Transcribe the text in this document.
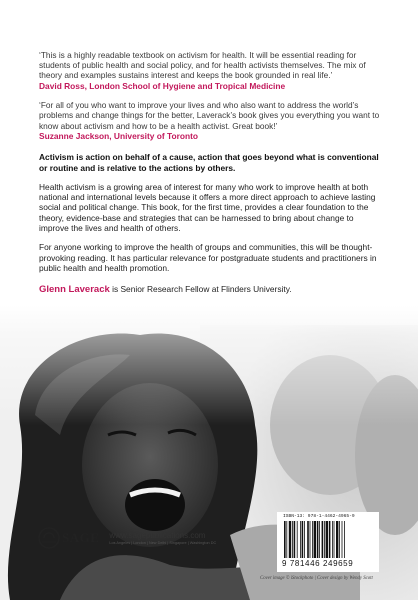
‘This is a highly readable textbook on activism for health. It will be essential reading for students of public health and social policy, and for health activists themselves. The mix of theory and examples sustains interest and keeps the book grounded in real life.’

David Ross, London School of Hygiene and Tropical Medicine

‘For all of you who want to improve your lives and who also want to address the world’s problems and change things for the better, Laverack’s book gives you everything you want to know about activism and how to be a health activist. Great book!’

Suzanne Jackson, University of Toronto

Activism is action on behalf of a cause, action that goes beyond what is conventional or routine and is relative to the actions by others.

Health activism is a growing area of interest for many who work to improve health at both national and international levels because it offers a more direct approach to achieve lasting social and political change. This book, for the first time, provides a clear foundation to the theory, evidence-base and strategies that can be harnessed to bring about change to improve the lives and health of others.

For anyone working to improve the health of groups and communities, this will be thought-provoking reading. It has particular relevance for postgraduate students and practitioners in public health and health promotion.

Glenn Laverack is Senior Research Fellow at Flinders University.

SAGE www.sagepublications.com
Los Angeles | London | New Delhi | Singapore | Washington DC
ISBN-13: 978-1-4462-4965-9
9 781446 249659
Cover image © iStockphoto | Cover design by Wendy Scott
